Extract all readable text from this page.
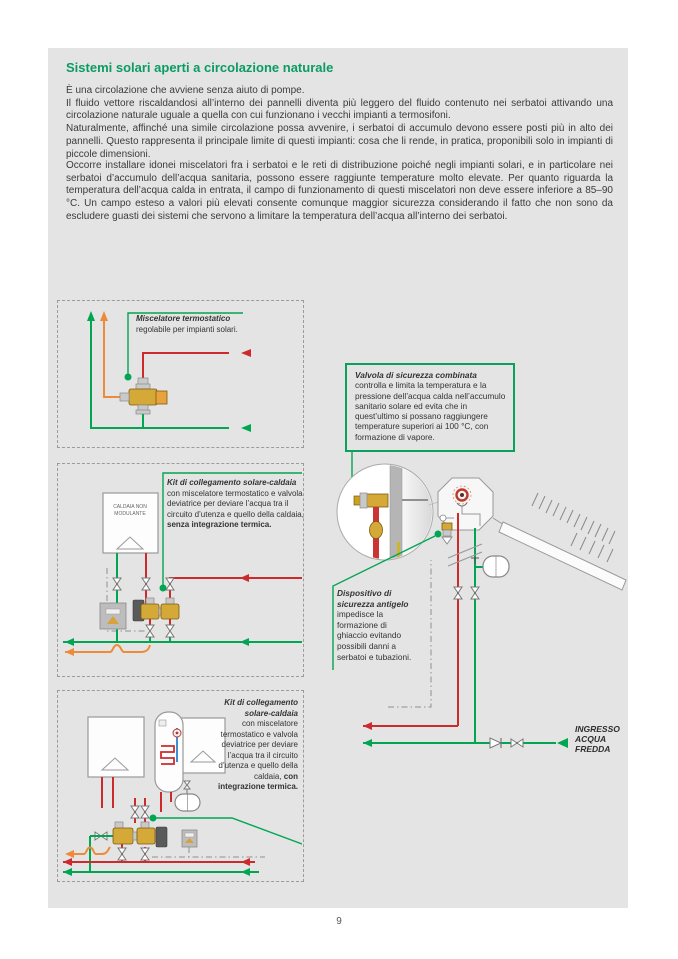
Sistemi solari aperti a circolazione naturale
È una circolazione che avviene senza aiuto di pompe.
Il fluido vettore riscaldandosi all’interno dei pannelli diventa più leggero del fluido contenuto nei serbatoi attivando una circolazione naturale uguale a quella con cui funzionano i vecchi impianti a termosifoni.
Naturalmente, affinché una simile circolazione possa avvenire, i serbatoi di accumulo devono essere posti più in alto dei pannelli. Questo rappresenta il principale limite di questi impianti: cosa che li rende, in pratica, proponibili solo in impianti di piccole dimensioni.
Occorre installare idonei miscelatori fra i serbatoi e le reti di distribuzione poiché negli impianti solari, e in particolare nei serbatoi d’accumulo dell’acqua sanitaria, possono essere raggiunte temperature molto elevate. Per quanto riguarda la temperatura dell’acqua calda in entrata, il campo di funzionamento di questi miscelatori non deve essere inferiore a 85–90 °C. Un campo esteso a valori più elevati consente comunque maggior sicurezza considerando il fatto che non sono da escludere guasti dei sistemi che servono a limitare la temperatura dell’acqua all’interno dei serbatoi.
Miscelatore termostatico
regolabile per impianti solari.
Kit di collegamento solare-caldaia
con miscelatore termostatico e valvola deviatrice per deviare l’acqua tra il circuito d’utenza e quello della caldaia, senza integrazione termica.
CALDAIA NON MODULANTE
Kit di collegamento solare-caldaia
con miscelatore termostatico e valvola deviatrice per deviare l’acqua tra il circuito d’utenza e quello della caldaia, con integrazione termica.
Valvola di sicurezza combinata
controlla e limita la temperatura e la pressione dell’acqua calda nell’accumulo sanitario solare ed evita che in quest’ultimo si possano raggiungere temperature superiori ai 100 °C, con formazione di vapore.
Dispositivo di sicurezza antigelo
impedisce la formazione di ghiaccio evitando possibili danni a serbatoi e tubazioni.
INGRESSO ACQUA FREDDA
9
